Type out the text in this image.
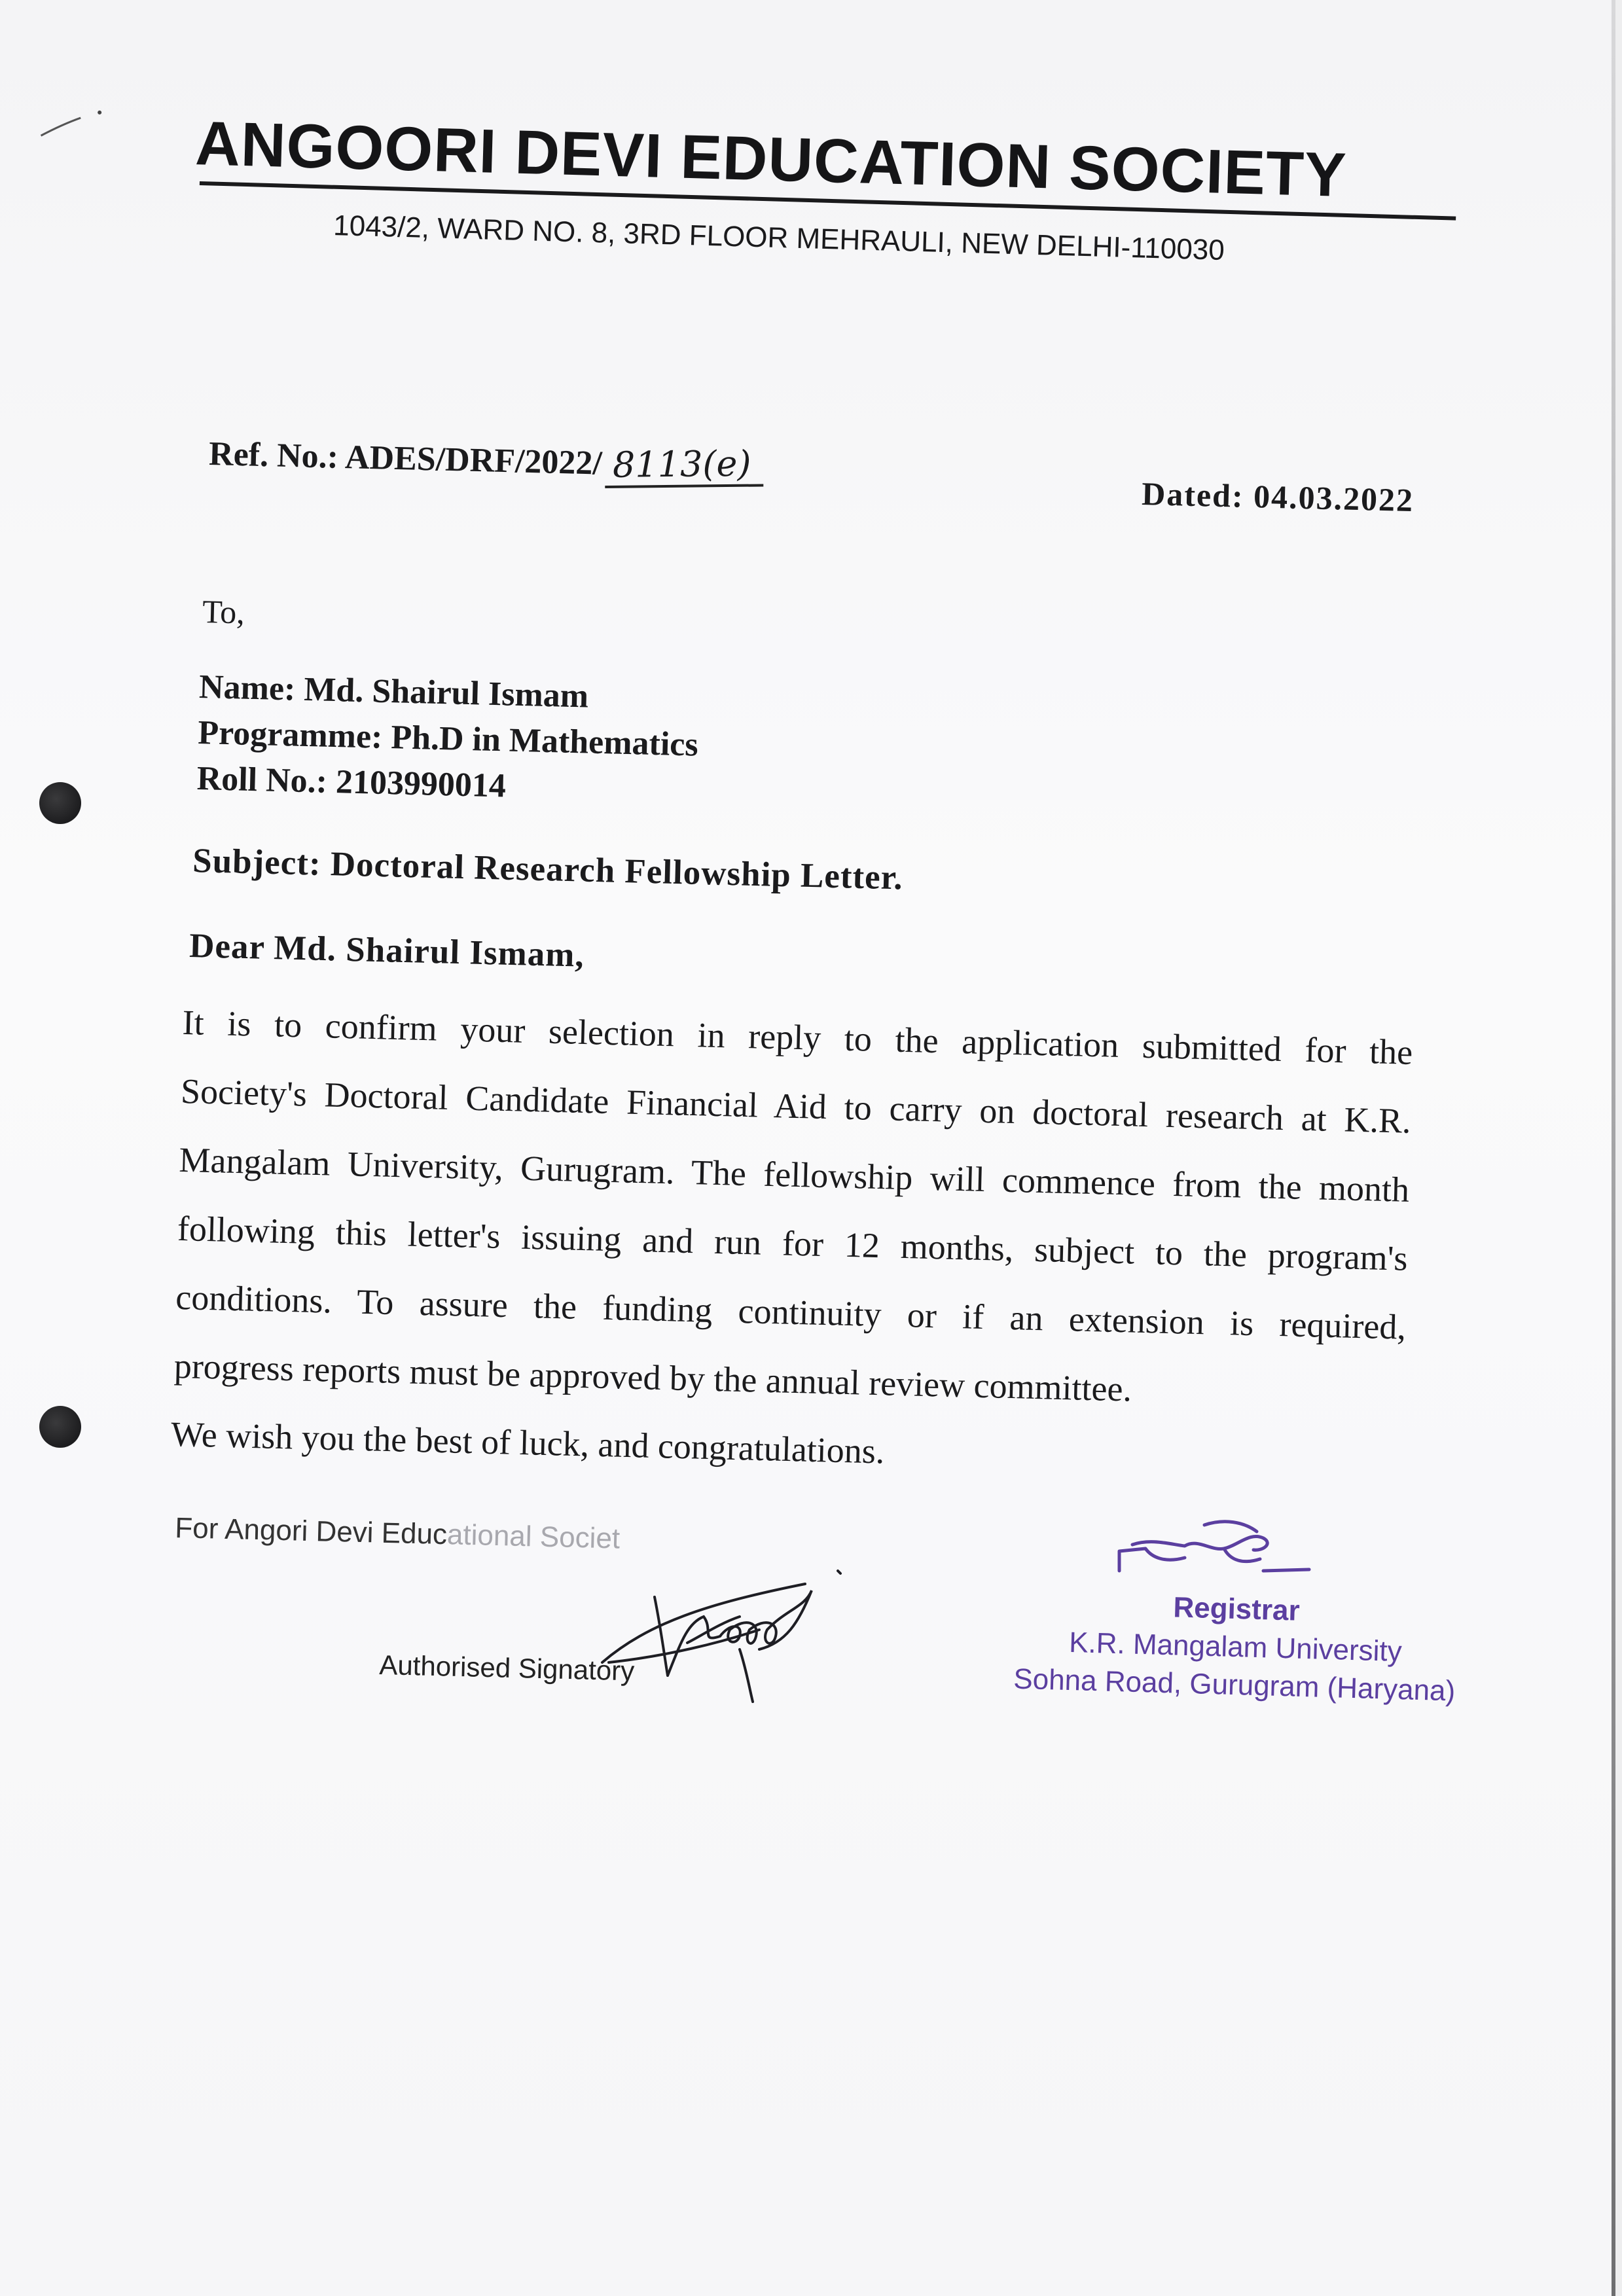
ANGOORI DEVI EDUCATION SOCIETY
1043/2, WARD NO. 8, 3RD FLOOR MEHRAULI, NEW DELHI-110030
Ref. No.: ADES/DRF/2022/ 8113(e)
Dated: 04.03.2022
To,
Name: Md. Shairul Ismam
Programme: Ph.D in Mathematics
Roll No.: 2103990014
Subject: Doctoral Research Fellowship Letter.
Dear Md. Shairul Ismam,
It is to confirm your selection in reply to the application submitted for the
Society's Doctoral Candidate Financial Aid to carry on doctoral research at K.R.
Mangalam University, Gurugram. The fellowship will commence from the month
following this letter's issuing and run for 12 months, subject to the program's
conditions. To assure the funding continuity or if an extension is required,
progress reports must be approved by the annual review committee.
We wish you the best of luck, and congratulations.
For Angori Devi Educational Societ
Authorised Signatory
Registrar
K.R. Mangalam University
Sohna Road, Gurugram (Haryana)
